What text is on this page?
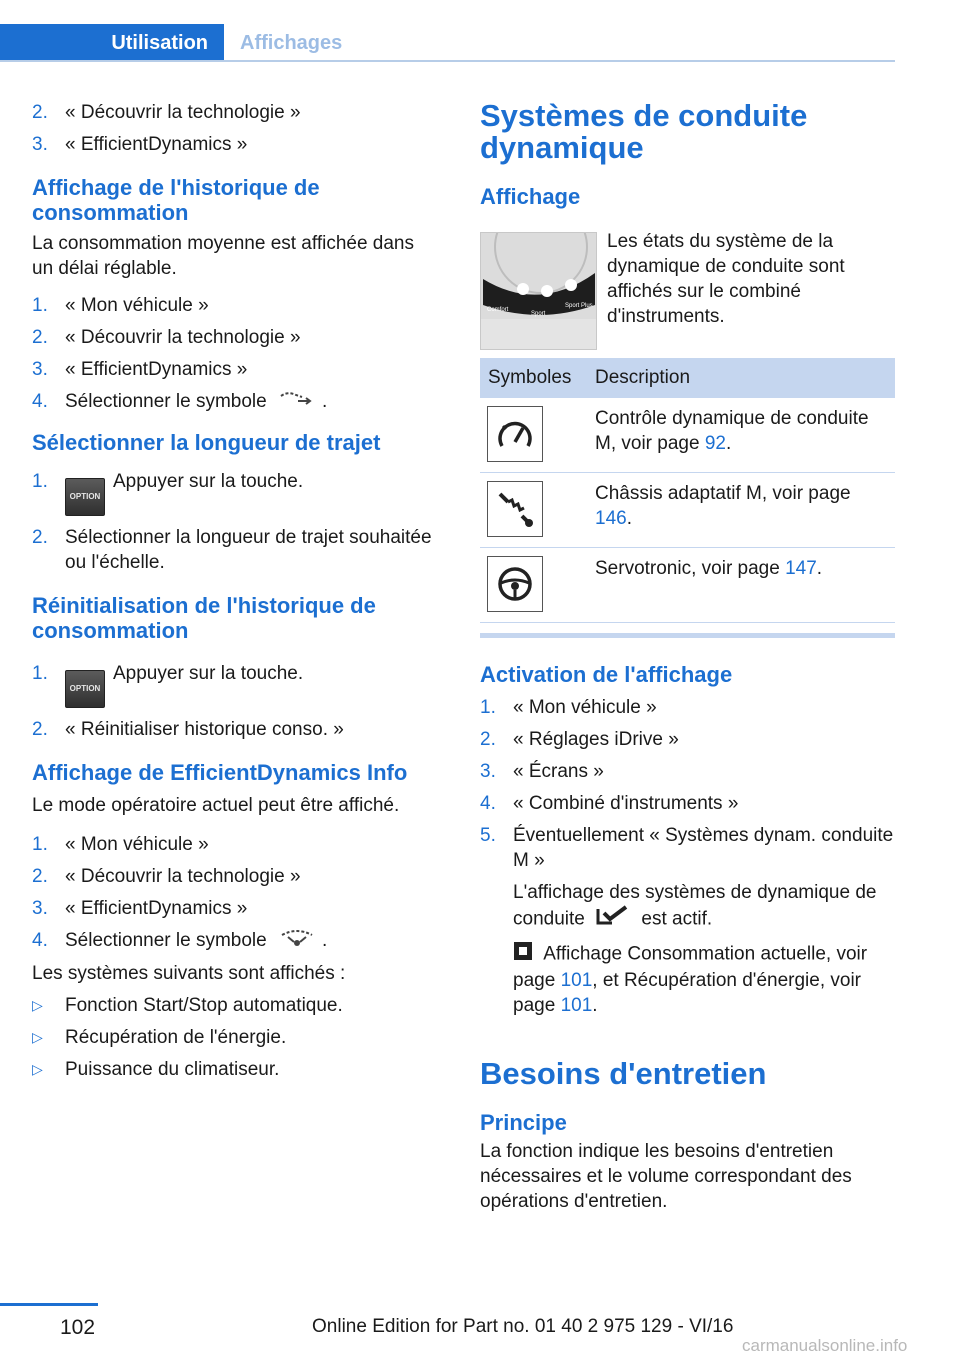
Utilisation	Affichages
2. « Découvrir la technologie »
3. « EfficientDynamics »
Affichage de l'historique de consommation

La consommation moyenne est affichée dans un délai réglable.

1. « Mon véhicule »
2. « Découvrir la technologie »
3. « EfficientDynamics »
4. Sélectionner le symbole	.
Sélectionner la longueur de trajet
1.
OPTIONAppuyer sur la touche.
2. Sélectionner la longueur de trajet souhaitée ou l'échelle.
Réinitialisation de l'historique de consommation
1.
OPTIONAppuyer sur la touche.
2. « Réinitialiser historique conso. »
Affichage de EfficientDynamics Info

Le mode opératoire actuel peut être affiché.

1. « Mon véhicule »
2. « Découvrir la technologie »
3. « EfficientDynamics »
4. Sélectionner le symbole	.

Les systèmes suivants sont affichés :

▷ Fonction Start/Stop automatique.
▷ Récupération de l'énergie.
▷ Puissance du climatiseur.
Systèmes de conduite dynamique
Affichage
Comfort
Sport
Sport Plus

Les états du système de la dynamique de conduite sont affichés sur le combiné d'instruments.

Symboles	Description

	Contrôle dynamique de conduite M, voir page 92.

	Châssis adaptatif M, voir page 146.

	Servotronic, voir page 147.
Activation de l'affichage
1. « Mon véhicule »
2. « Réglages iDrive »
3. « Écrans »
4. « Combiné d'instruments »
5. Éventuellement « Systèmes dynam. conduite M »
L'affichage des systèmes de dynamique de conduite	est actif.
Affichage Consommation actuelle, voir page 101, et Récupération d'énergie, voir page 101.
Besoins d'entretien
Principe

La fonction indique les besoins d'entretien nécessaires et le volume correspondant des opérations d'entretien.

102	Online Edition for Part no. 01 40 2 975 129 - VI/16
carmanualsonline.info
